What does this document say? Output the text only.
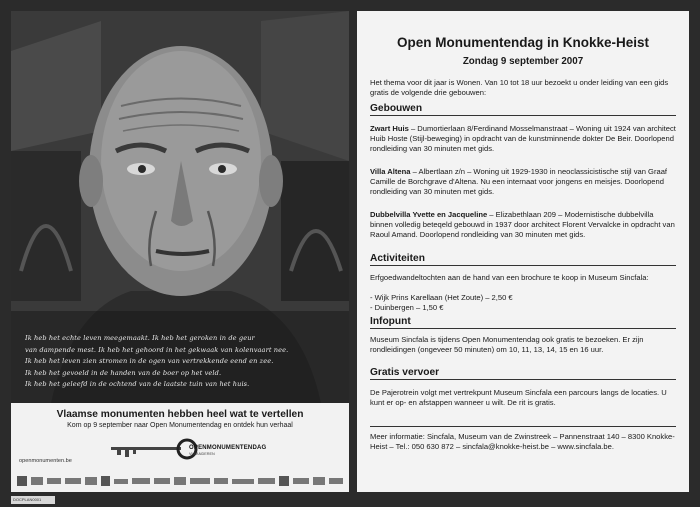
Ik heb het echte leven meegemaakt. Ik heb het geroken in de geur
van dampende mest. Ik heb het gehoord in het gekwaak van kolenvaart nee.
Ik heb het leven zien stromen in de ogen van vertrekkende eend en zee.
Ik heb het gevoeld in de handen van de boer op het veld.
Ik heb het geleefd in de ochtend van de laatste tuin van het huis.
Vlaamse monumenten hebben heel wat te vertellen
Kom op 9 september naar Open Monumentendag en ontdek hun verhaal
OPENMONUMENTENDAG
VLAANDEREN
openmonumenten.be
DOCPLAN0001
Open Monumentendag in Knokke-Heist
Zondag 9 september 2007
Het thema voor dit jaar is Wonen. Van 10 tot 18 uur bezoekt u onder leiding van een gids gratis de volgende drie gebouwen:
Gebouwen
Zwart Huis – Dumortierlaan 8/Ferdinand Mosselmanstraat – Woning uit 1924 van architect Huib Hoste (Stijl-beweging) in opdracht van de kunstminnende dokter De Beir. Doorlopend rondleiding van 30 minuten met gids.
Villa Altena – Albertlaan z/n – Woning uit 1929-1930 in neoclassicistische stijl van Graaf Camille de Borchgrave d'Altena. Nu een internaat voor jongens en meisjes. Doorlopend rondleiding van 30 minuten met gids.
Dubbelvilla Yvette en Jacqueline – Elizabethlaan 209 – Modernistische dubbelvilla binnen volledig beteqeld gebouwd in 1937 door architect Florent Vervalcke in opdracht van Raoul Amand. Doorlopend rondleiding van 30 minuten met gids.
Activiteiten
Erfgoedwandeltochten aan de hand van een brochure te koop in Museum Sincfala:
- Wijk Prins Karellaan (Het Zoute) – 2,50 €
- Duinbergen – 1,50 €
Infopunt
Museum Sincfala is tijdens Open Monumentendag ook gratis te bezoeken. Er zijn rondleidingen (ongeveer 50 minuten) om 10, 11, 13, 14, 15 en 16 uur.
Gratis vervoer
De Pajerotrein volgt met vertrekpunt Museum Sincfala een parcours langs de locaties. U kunt er op- en afstappen wanneer u wilt. De rit is gratis.
Meer informatie: Sincfala, Museum van de Zwinstreek – Pannenstraat 140 – 8300 Knokke-Heist – Tel.: 050 630 872 – sincfala@knokke-heist.be – www.sincfala.be.
